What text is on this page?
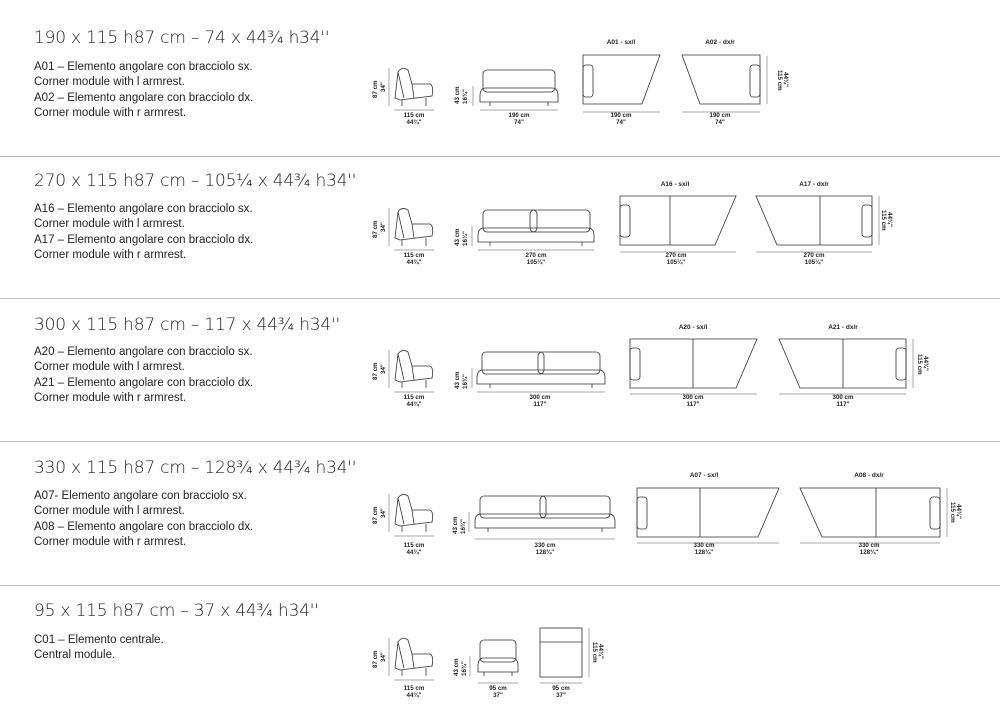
190 x 115 h87 cm – 74 x 44¾ h34''
A01 – Elemento angolare con bracciolo sx.
Corner module with l armrest.
A02 – Elemento angolare con bracciolo dx.
Corner module with r armrest.
87 cm 34"
115 cm
44¾"
43 cm 16¾"
190 cm
74"
A01 - sx/l
190 cm
74"
A02 - dx/r
190 cm
74"
115 cm 44¾"
270 x 115 h87 cm – 105¼ x 44¾ h34''
A16 – Elemento angolare con bracciolo sx.
Corner module with l armrest.
A17 – Elemento angolare con bracciolo dx.
Corner module with r armrest.
87 cm 34"
115 cm
44¾"
43 cm 16¾"
270 cm
105¼"
A16 - sx/l
270 cm
105¼"
A17 - dx/r
270 cm
105¼"
115 cm 44¾"
300 x 115 h87 cm – 117 x 44¾ h34''
A20 – Elemento angolare con bracciolo sx.
Corner module with l armrest.
A21 – Elemento angolare con bracciolo dx.
Corner module with r armrest.
87 cm 34"
115 cm
44¾"
43 cm 16¾"
300 cm
117"
A20 - sx/l
300 cm
117"
A21 - dx/r
300 cm
117"
115 cm 44¾"
330 x 115 h87 cm – 128¾ x 44¾ h34''
A07- Elemento angolare con bracciolo sx.
Corner module with l armrest.
A08 – Elemento angolare con bracciolo dx.
Corner module with r armrest.
87 cm 34"
115 cm
44¾"
43 cm 16¾"
330 cm
128¾"
A07 - sx/l
330 cm
128¾"
A08 - dx/r
330 cm
128¾"
115 cm 44¾"
95 x 115 h87 cm – 37 x 44¾ h34''
C01 – Elemento centrale.
Central module.	87 cm 34"
115 cm
44¾"
43 cm 16¾"
95 cm
37"
95 cm
37"
115 cm 44¾"
